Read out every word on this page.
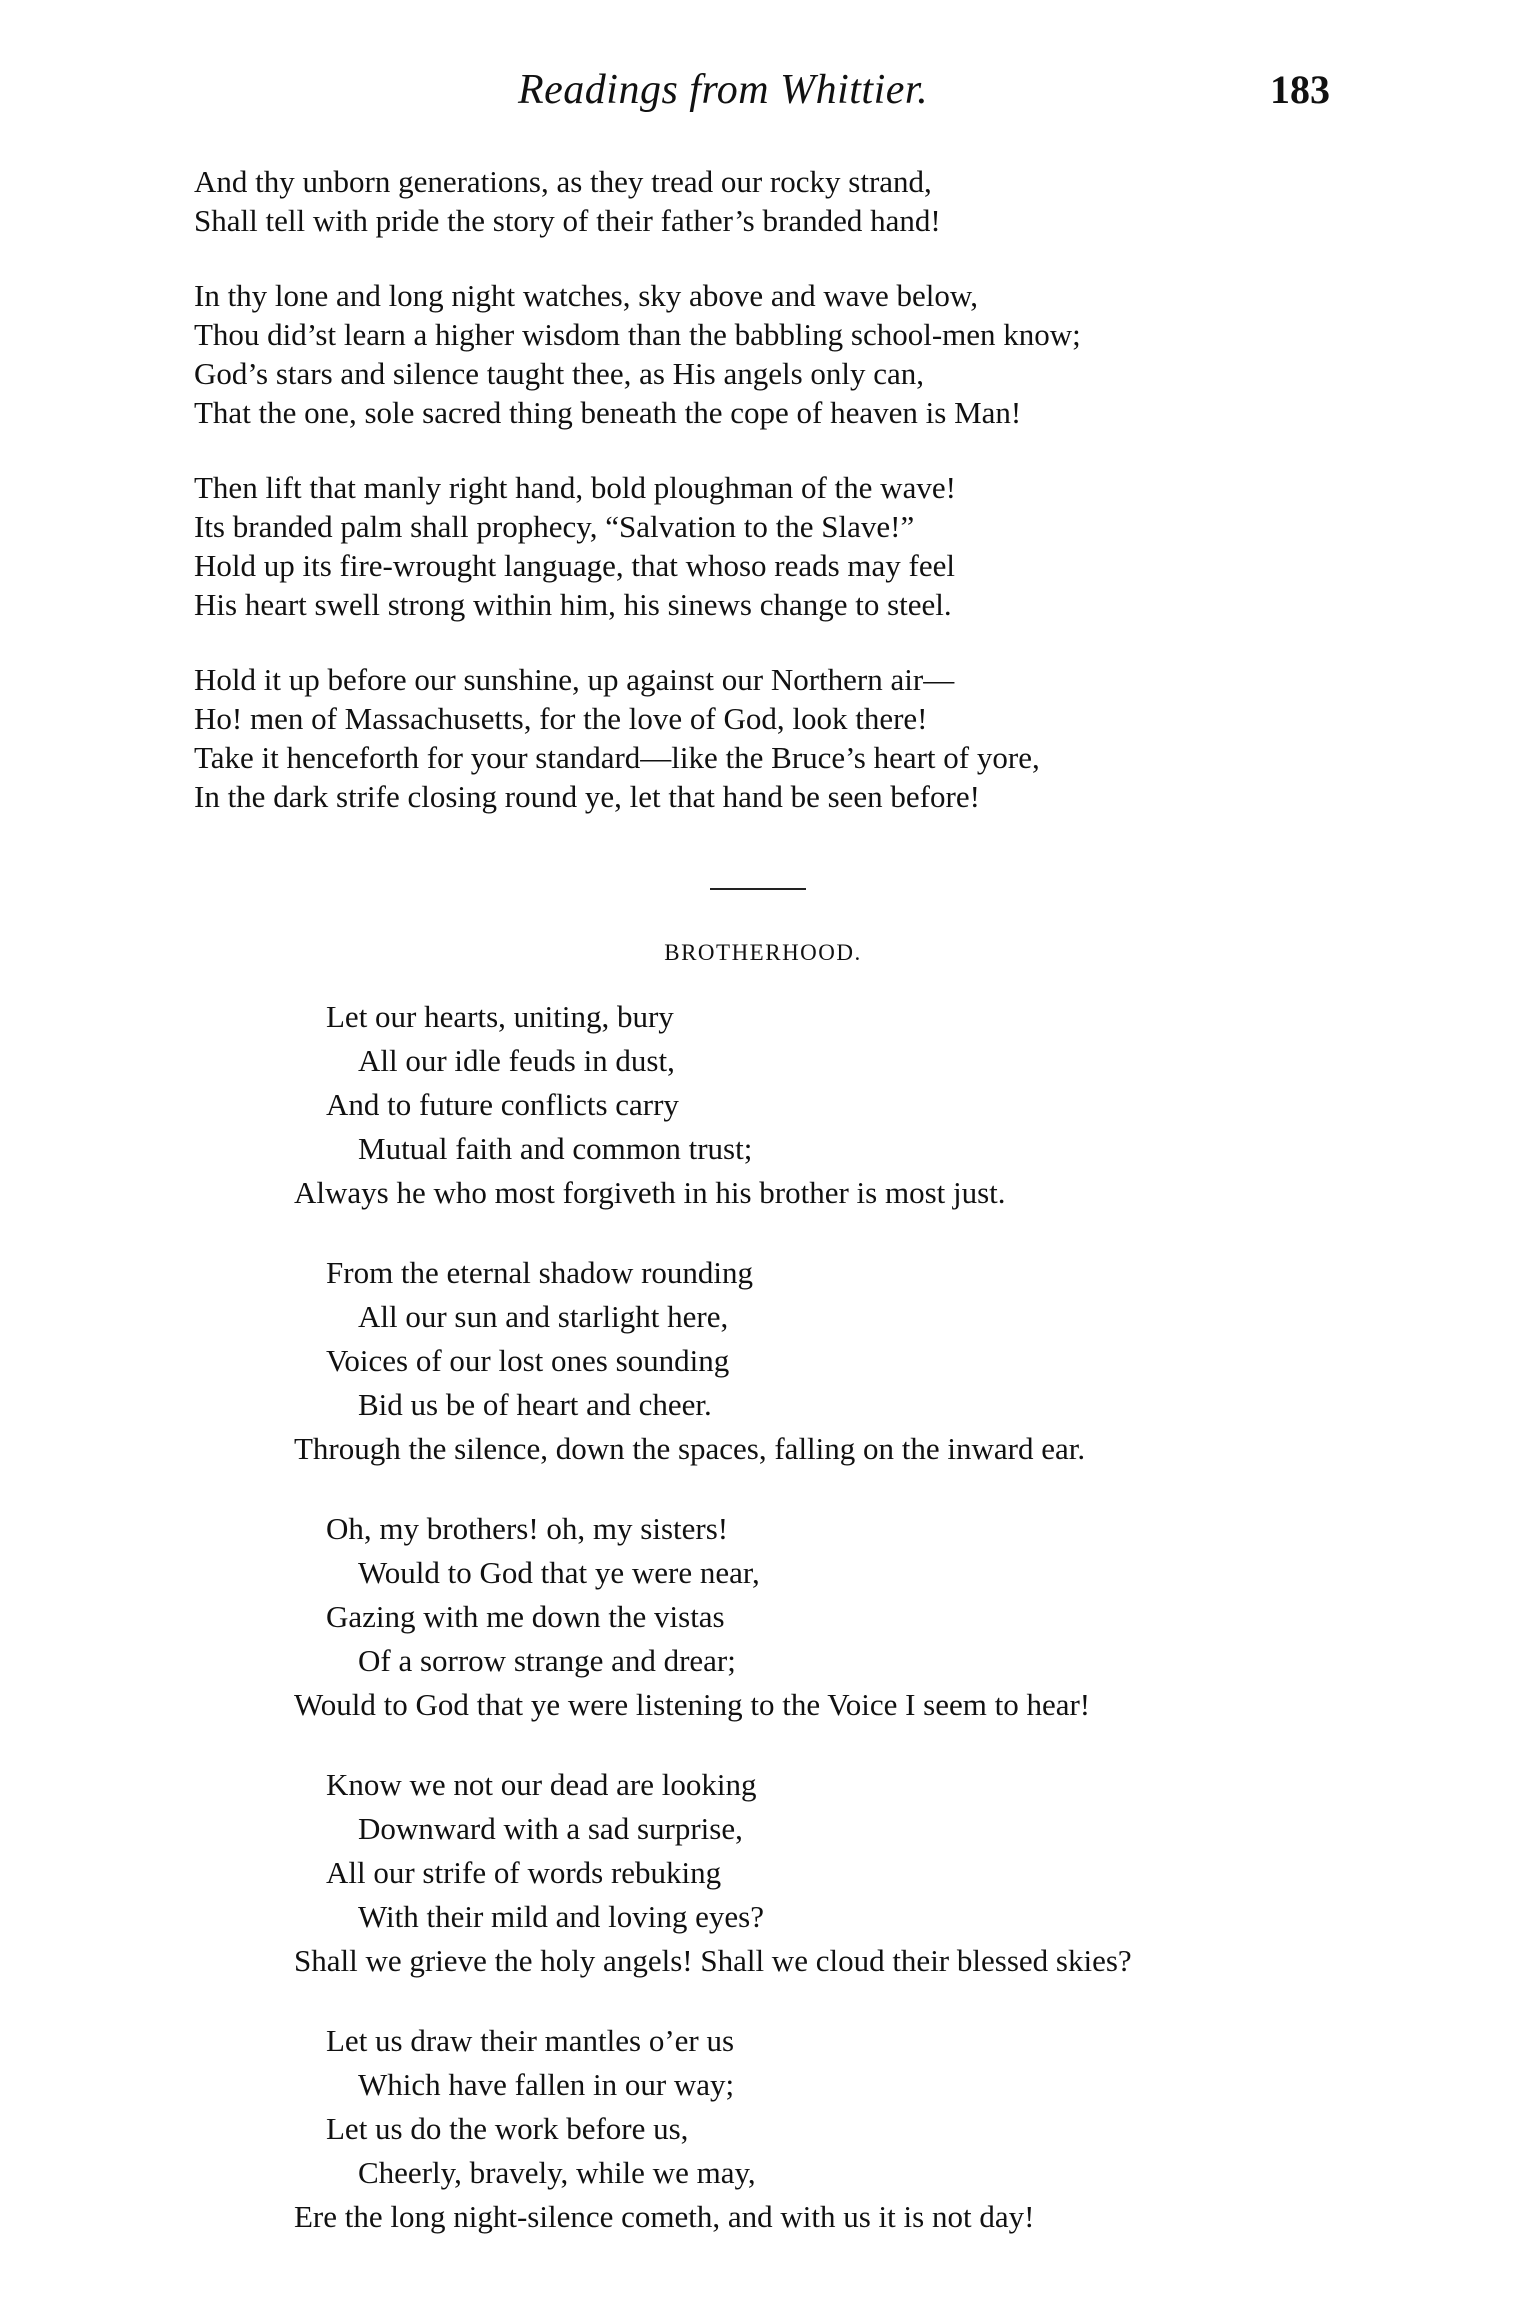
Readings from Whittier.	183
And thy unborn generations, as they tread our rocky strand,
Shall tell with pride the story of their father’s branded hand!
In thy lone and long night watches, sky above and wave below,
Thou did’st learn a higher wisdom than the babbling school-men know;
God’s stars and silence taught thee, as His angels only can,
That the one, sole sacred thing beneath the cope of heaven is Man!
Then lift that manly right hand, bold ploughman of the wave!
Its branded palm shall prophecy, “Salvation to the Slave!”
Hold up its fire-wrought language, that whoso reads may feel
His heart swell strong within him, his sinews change to steel.
Hold it up before our sunshine, up against our Northern air—
Ho! men of Massachusetts, for the love of God, look there!
Take it henceforth for your standard—like the Bruce’s heart of yore,
In the dark strife closing round ye, let that hand be seen before!
BROTHERHOOD.
Let our hearts, uniting, bury
All our idle feuds in dust,
And to future conflicts carry
Mutual faith and common trust;
Always he who most forgiveth in his brother is most just.
From the eternal shadow rounding
All our sun and starlight here,
Voices of our lost ones sounding
Bid us be of heart and cheer.
Through the silence, down the spaces, falling on the inward ear.
Oh, my brothers! oh, my sisters!
Would to God that ye were near,
Gazing with me down the vistas
Of a sorrow strange and drear;
Would to God that ye were listening to the Voice I seem to hear!
Know we not our dead are looking
Downward with a sad surprise,
All our strife of words rebuking
With their mild and loving eyes?
Shall we grieve the holy angels! Shall we cloud their blessed skies?
Let us draw their mantles o’er us
Which have fallen in our way;
Let us do the work before us,
Cheerly, bravely, while we may,
Ere the long night-silence cometh, and with us it is not day!
